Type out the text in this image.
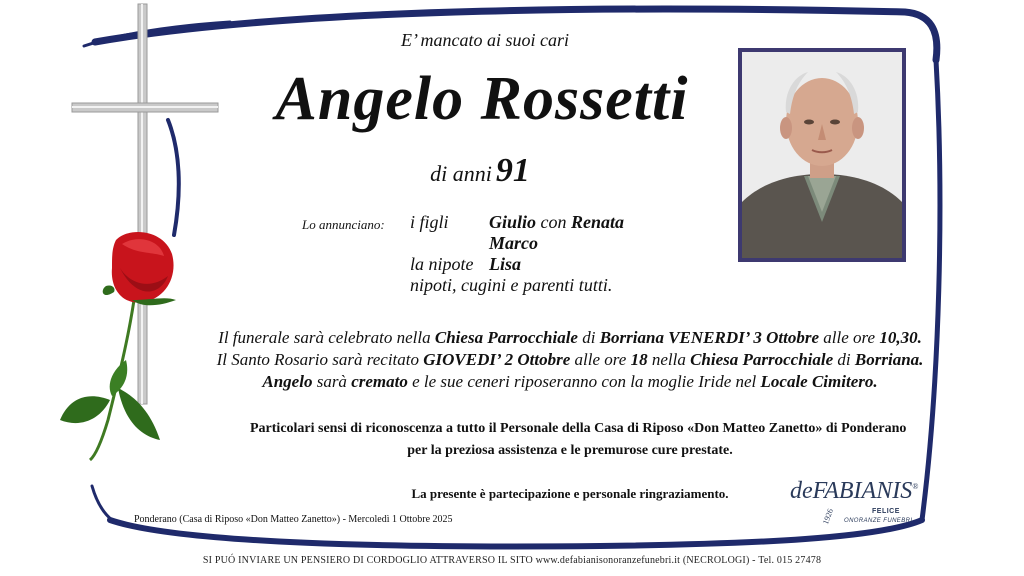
E’ mancato ai suoi cari
Angelo Rossetti
di anni 91
Lo annunciano: i figli Giulio con Renata
Marco
la nipote Lisa
nipoti, cugini e parenti tutti.
Il funerale sarà celebrato nella Chiesa Parrocchiale di Borriana VENERDI’ 3 Ottobre alle ore 10,30.
Il Santo Rosario sarà recitato GIOVEDI’ 2 Ottobre alle ore 18 nella Chiesa Parrocchiale di Borriana.
Angelo sarà cremato e le sue ceneri riposeranno con la moglie Iride nel Locale Cimitero.
Particolari sensi di riconoscenza a tutto il Personale della Casa di Riposo «Don Matteo Zanetto» di Ponderano
per la preziosa assistenza e le premurose cure prestate.
La presente è partecipazione e personale ringraziamento.
Ponderano (Casa di Riposo «Don Matteo Zanetto») - Mercoledì 1 Ottobre 2025
deFABIANIS®
FELICE
ONORANZE FUNEBRI
1926
SI PUÓ INVIARE UN PENSIERO DI CORDOGLIO ATTRAVERSO IL SITO www.defabianisonoranzefunebri.it (NECROLOGI) - Tel. 015 27478
